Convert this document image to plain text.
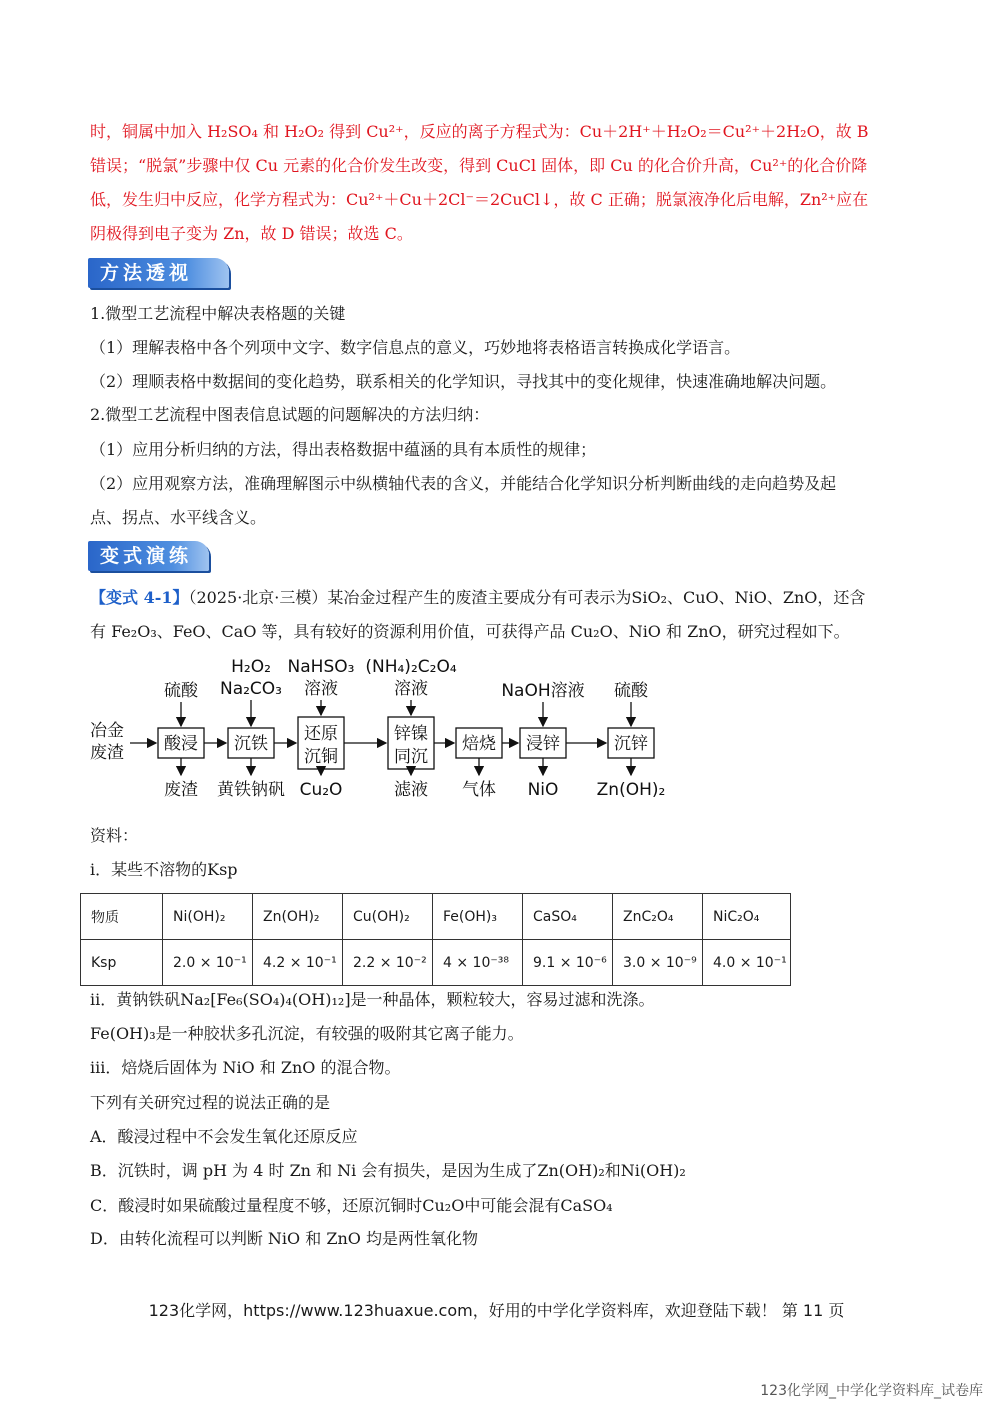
时，铜属中加入 H₂SO₄ 和 H₂O₂ 得到 Cu²⁺，反应的离子方程式为：Cu＋2H⁺＋H₂O₂＝Cu²⁺＋2H₂O，故 B
错误；“脱氯”步骤中仅 Cu 元素的化合价发生改变，得到 CuCl 固体，即 Cu 的化合价升高，Cu²⁺的化合价降
低，发生归中反应，化学方程式为：Cu²⁺＋Cu＋2Cl⁻＝2CuCl↓，故 C 正确；脱氯液净化后电解，Zn²⁺应在
阴极得到电子变为 Zn，故 D 错误；故选 C。
方法透视
1.微型工艺流程中解决表格题的关键
（1）理解表格中各个列项中文字、数字信息点的意义，巧妙地将表格语言转换成化学语言。
（2）理顺表格中数据间的变化趋势，联系相关的化学知识，寻找其中的变化规律，快速准确地解决问题。
2.微型工艺流程中图表信息试题的问题解决的方法归纳：
（1）应用分析归纳的方法，得出表格数据中蕴涵的具有本质性的规律；
（2）应用观察方法，准确理解图示中纵横轴代表的含义，并能结合化学知识分析判断曲线的走向趋势及起
点、拐点、水平线含义。
变式演练
【变式 4-1】（2025·北京·三模）某冶金过程产生的废渣主要成分有可表示为SiO₂、CuO、NiO、ZnO，还含
有 Fe₂O₃、FeO、CaO 等，具有较好的资源利用价值，可获得产品 Cu₂O、NiO 和 ZnO，研究过程如下。
冶金
废渣 酸浸
硫酸
废渣
沉铁
H₂O₂
Na₂CO₃
黄铁钠矾
还原
沉铜
NaHSO₃
溶液
Cu₂O
锌镍
同沉
(NH₄)₂C₂O₄
溶液
滤液
焙烧
气体
浸锌
NaOH溶液
NiO
沉锌
硫酸
Zn(OH)₂
资料：
i．某些不溶物的Ksp
物质	Ni(OH)₂	Zn(OH)₂	Cu(OH)₂	Fe(OH)₃	CaSO₄	ZnC₂O₄	NiC₂O₄
Ksp	2.0 × 10⁻¹	4.2 × 10⁻¹	2.2 × 10⁻²	4 × 10⁻³⁸	9.1 × 10⁻⁶	3.0 × 10⁻⁹	4.0 × 10⁻¹
ii．黄钠铁矾Na₂[Fe₆(SO₄)₄(OH)₁₂]是一种晶体，颗粒较大，容易过滤和洗涤。
Fe(OH)₃是一种胶状多孔沉淀，有较强的吸附其它离子能力。
iii．焙烧后固体为 NiO 和 ZnO 的混合物。
下列有关研究过程的说法正确的是
A．酸浸过程中不会发生氧化还原反应
B．沉铁时，调 pH 为 4 时 Zn 和 Ni 会有损失，是因为生成了Zn(OH)₂和Ni(OH)₂
C．酸浸时如果硫酸过量程度不够，还原沉铜时Cu₂O中可能会混有CaSO₄
D．由转化流程可以判断 NiO 和 ZnO 均是两性氧化物
123化学网，https://www.123huaxue.com，好用的中学化学资料库，欢迎登陆下载！ 第 11 页
123化学网_中学化学资料库_试卷库
